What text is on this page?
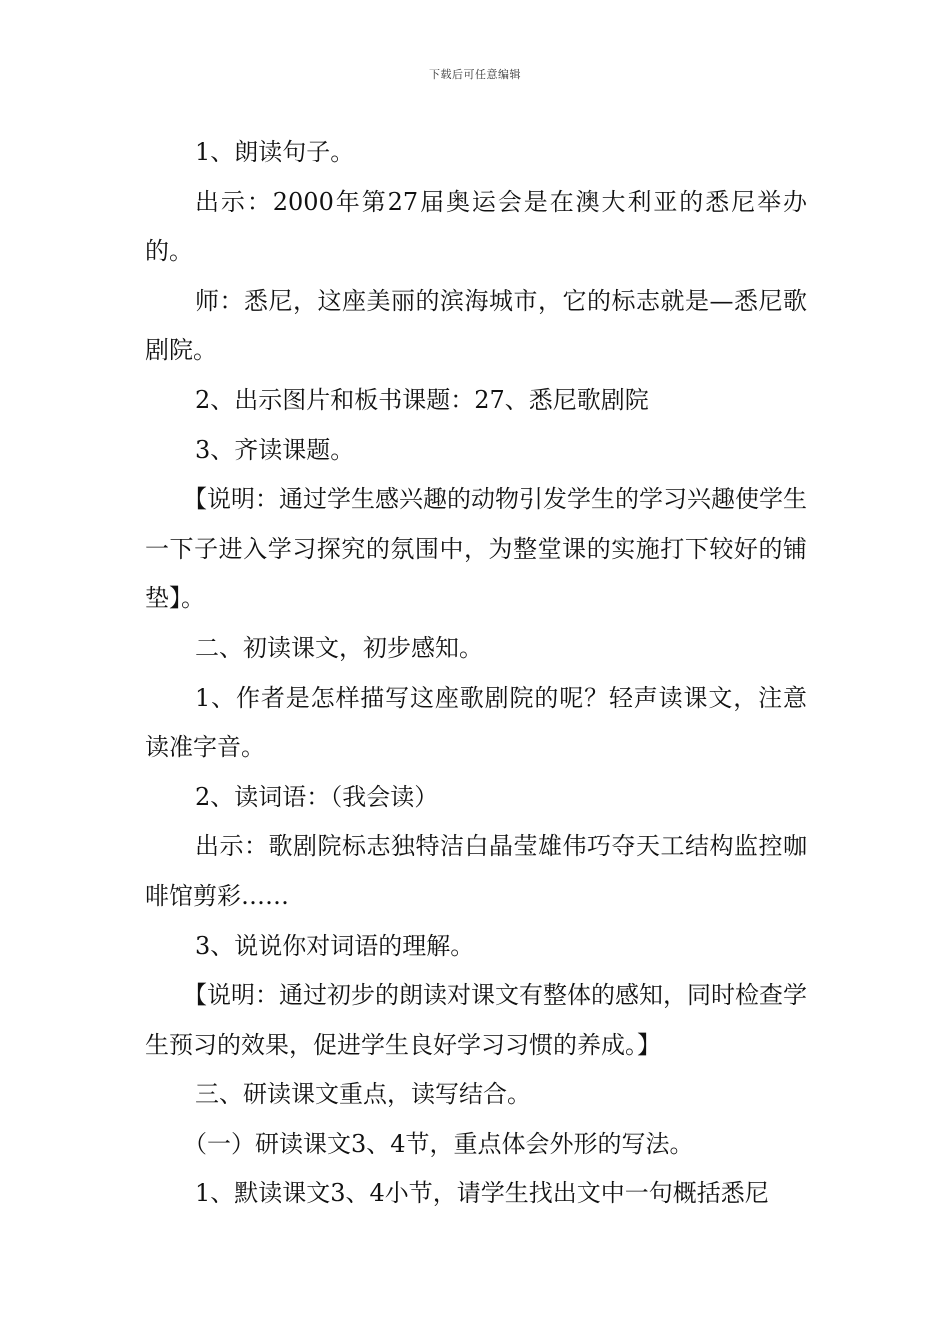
下载后可任意编辑

1、朗读句子。

出示：2000年第27届奥运会是在澳大利亚的悉尼举办的。

师：悉尼，这座美丽的滨海城市，它的标志就是—悉尼歌剧院。

2、出示图片和板书课题：27、悉尼歌剧院

3、齐读课题。

【说明：通过学生感兴趣的动物引发学生的学习兴趣使学生一下子进入学习探究的氛围中，为整堂课的实施打下较好的铺垫】。

二、初读课文，初步感知。

1、作者是怎样描写这座歌剧院的呢？轻声读课文，注意读准字音。

2、读词语：（我会读）

出示：歌剧院标志独特洁白晶莹雄伟巧夺天工结构监控咖啡馆剪彩……

3、说说你对词语的理解。

【说明：通过初步的朗读对课文有整体的感知，同时检查学生预习的效果，促进学生良好学习习惯的养成。】

三、研读课文重点，读写结合。

（一）研读课文3、4节，重点体会外形的写法。

1、默读课文3、4小节，请学生找出文中一句概括悉尼
